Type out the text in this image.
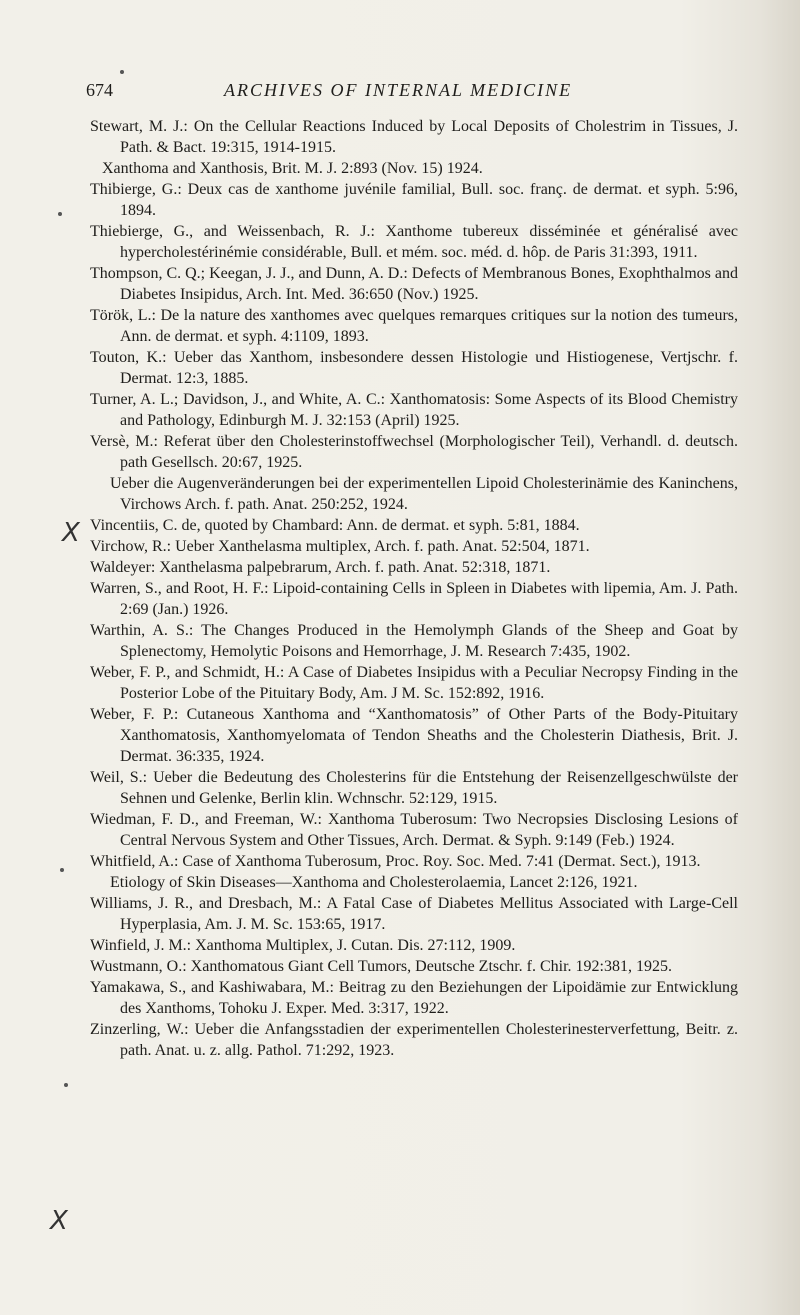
674	ARCHIVES OF INTERNAL MEDICINE

Stewart, M. J.: On the Cellular Reactions Induced by Local Deposits of Cholestrim in Tissues, J. Path. & Bact. 19:315, 1914-1915.

Xanthoma and Xanthosis, Brit. M. J. 2:893 (Nov. 15) 1924.

Thibierge, G.: Deux cas de xanthome juvénile familial, Bull. soc. franç. de dermat. et syph. 5:96, 1894.

Thiebierge, G., and Weissenbach, R. J.: Xanthome tubereux disséminée et généralisé avec hypercholestérinémie considérable, Bull. et mém. soc. méd. d. hôp. de Paris 31:393, 1911.

Thompson, C. Q.; Keegan, J. J., and Dunn, A. D.: Defects of Membranous Bones, Exophthalmos and Diabetes Insipidus, Arch. Int. Med. 36:650 (Nov.) 1925.

Török, L.: De la nature des xanthomes avec quelques remarques critiques sur la notion des tumeurs, Ann. de dermat. et syph. 4:1109, 1893.

Touton, K.: Ueber das Xanthom, insbesondere dessen Histologie und Histiogenese, Vertjschr. f. Dermat. 12:3, 1885.

Turner, A. L.; Davidson, J., and White, A. C.: Xanthomatosis: Some Aspects of its Blood Chemistry and Pathology, Edinburgh M. J. 32:153 (April) 1925.

Versè, M.: Referat über den Cholesterinstoffwechsel (Morphologischer Teil), Verhandl. d. deutsch. path Gesellsch. 20:67, 1925.

Ueber die Augenveränderungen bei der experimentellen Lipoid Cholesterinämie des Kaninchens, Virchows Arch. f. path. Anat. 250:252, 1924.

Vincentiis, C. de, quoted by Chambard: Ann. de dermat. et syph. 5:81, 1884.

Virchow, R.: Ueber Xanthelasma multiplex, Arch. f. path. Anat. 52:504, 1871.

Waldeyer: Xanthelasma palpebrarum, Arch. f. path. Anat. 52:318, 1871.

Warren, S., and Root, H. F.: Lipoid-containing Cells in Spleen in Diabetes with lipemia, Am. J. Path. 2:69 (Jan.) 1926.

Warthin, A. S.: The Changes Produced in the Hemolymph Glands of the Sheep and Goat by Splenectomy, Hemolytic Poisons and Hemorrhage, J. M. Research 7:435, 1902.

Weber, F. P., and Schmidt, H.: A Case of Diabetes Insipidus with a Peculiar Necropsy Finding in the Posterior Lobe of the Pituitary Body, Am. J M. Sc. 152:892, 1916.

Weber, F. P.: Cutaneous Xanthoma and “Xanthomatosis” of Other Parts of the Body-Pituitary Xanthomatosis, Xanthomyelomata of Tendon Sheaths and the Cholesterin Diathesis, Brit. J. Dermat. 36:335, 1924.

Weil, S.: Ueber die Bedeutung des Cholesterins für die Entstehung der Reisenzellgeschwülste der Sehnen und Gelenke, Berlin klin. Wchnschr. 52:129, 1915.

Wiedman, F. D., and Freeman, W.: Xanthoma Tuberosum: Two Necropsies Disclosing Lesions of Central Nervous System and Other Tissues, Arch. Dermat. & Syph. 9:149 (Feb.) 1924.

Whitfield, A.: Case of Xanthoma Tuberosum, Proc. Roy. Soc. Med. 7:41 (Dermat. Sect.), 1913.

Etiology of Skin Diseases—Xanthoma and Cholesterolaemia, Lancet 2:126, 1921.

Williams, J. R., and Dresbach, M.: A Fatal Case of Diabetes Mellitus Associated with Large-Cell Hyperplasia, Am. J. M. Sc. 153:65, 1917.

Winfield, J. M.: Xanthoma Multiplex, J. Cutan. Dis. 27:112, 1909.

Wustmann, O.: Xanthomatous Giant Cell Tumors, Deutsche Ztschr. f. Chir. 192:381, 1925.

Yamakawa, S., and Kashiwabara, M.: Beitrag zu den Beziehungen der Lipoidämie zur Entwicklung des Xanthoms, Tohoku J. Exper. Med. 3:317, 1922.

Zinzerling, W.: Ueber die Anfangsstadien der experimentellen Cholesterinesterverfettung, Beitr. z. path. Anat. u. z. allg. Pathol. 71:292, 1923.

X
X
